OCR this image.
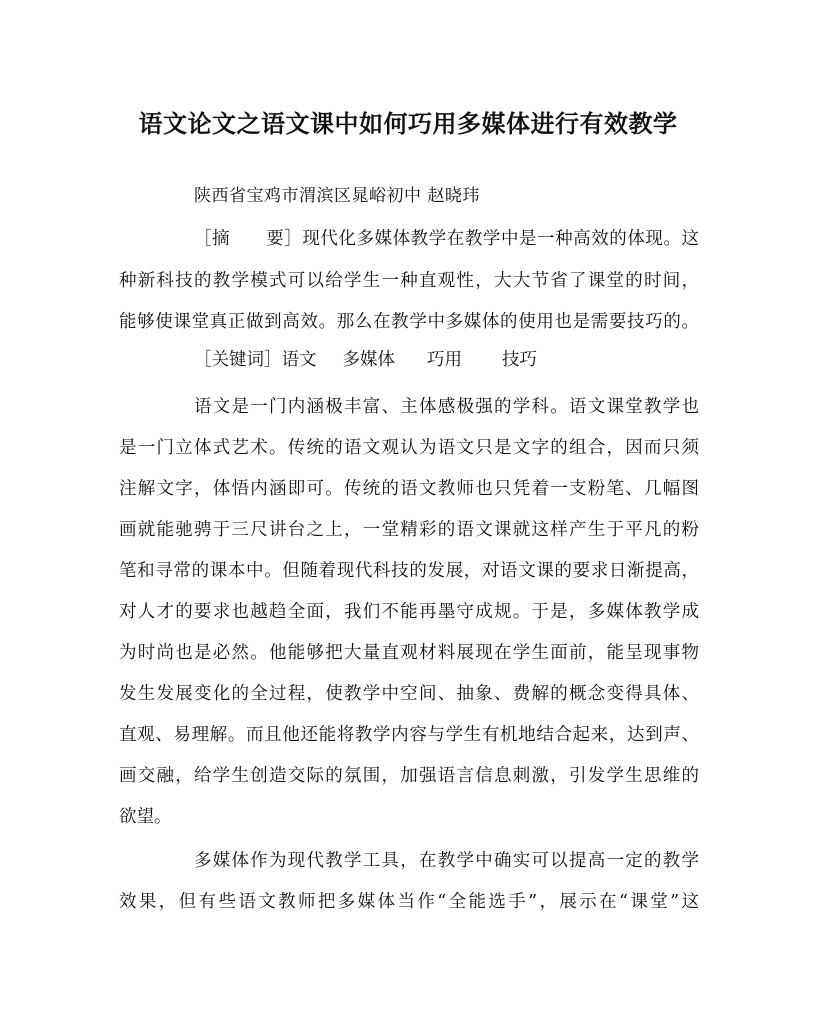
语文论文之语文课中如何巧用多媒体进行有效教学
陕西省宝鸡市渭滨区晁峪初中 赵晓玮
［摘　　要］现代化多媒体教学在教学中是一种高效的体现。这
种新科技的教学模式可以给学生一种直观性，大大节省了课堂的时间，
能够使课堂真正做到高效。那么在教学中多媒体的使用也是需要技巧的。
［关键词］语文 多媒体 巧用 技巧
语文是一门内涵极丰富、主体感极强的学科。语文课堂教学也
是一门立体式艺术。传统的语文观认为语文只是文字的组合，因而只须
注解文字，体悟内涵即可。传统的语文教师也只凭着一支粉笔、几幅图
画就能驰骋于三尺讲台之上，一堂精彩的语文课就这样产生于平凡的粉
笔和寻常的课本中。但随着现代科技的发展，对语文课的要求日渐提高，
对人才的要求也越趋全面，我们不能再墨守成规。于是，多媒体教学成
为时尚也是必然。他能够把大量直观材料展现在学生面前，能呈现事物
发生发展变化的全过程，使教学中空间、抽象、费解的概念变得具体、
直观、易理解。而且他还能将教学内容与学生有机地结合起来，达到声、
画交融，给学生创造交际的氛围，加强语言信息刺激，引发学生思维的
欲望。
多媒体作为现代教学工具，在教学中确实可以提高一定的教学
效果，但有些语文教师把多媒体当作“全能选手”，展示在“课堂”这
